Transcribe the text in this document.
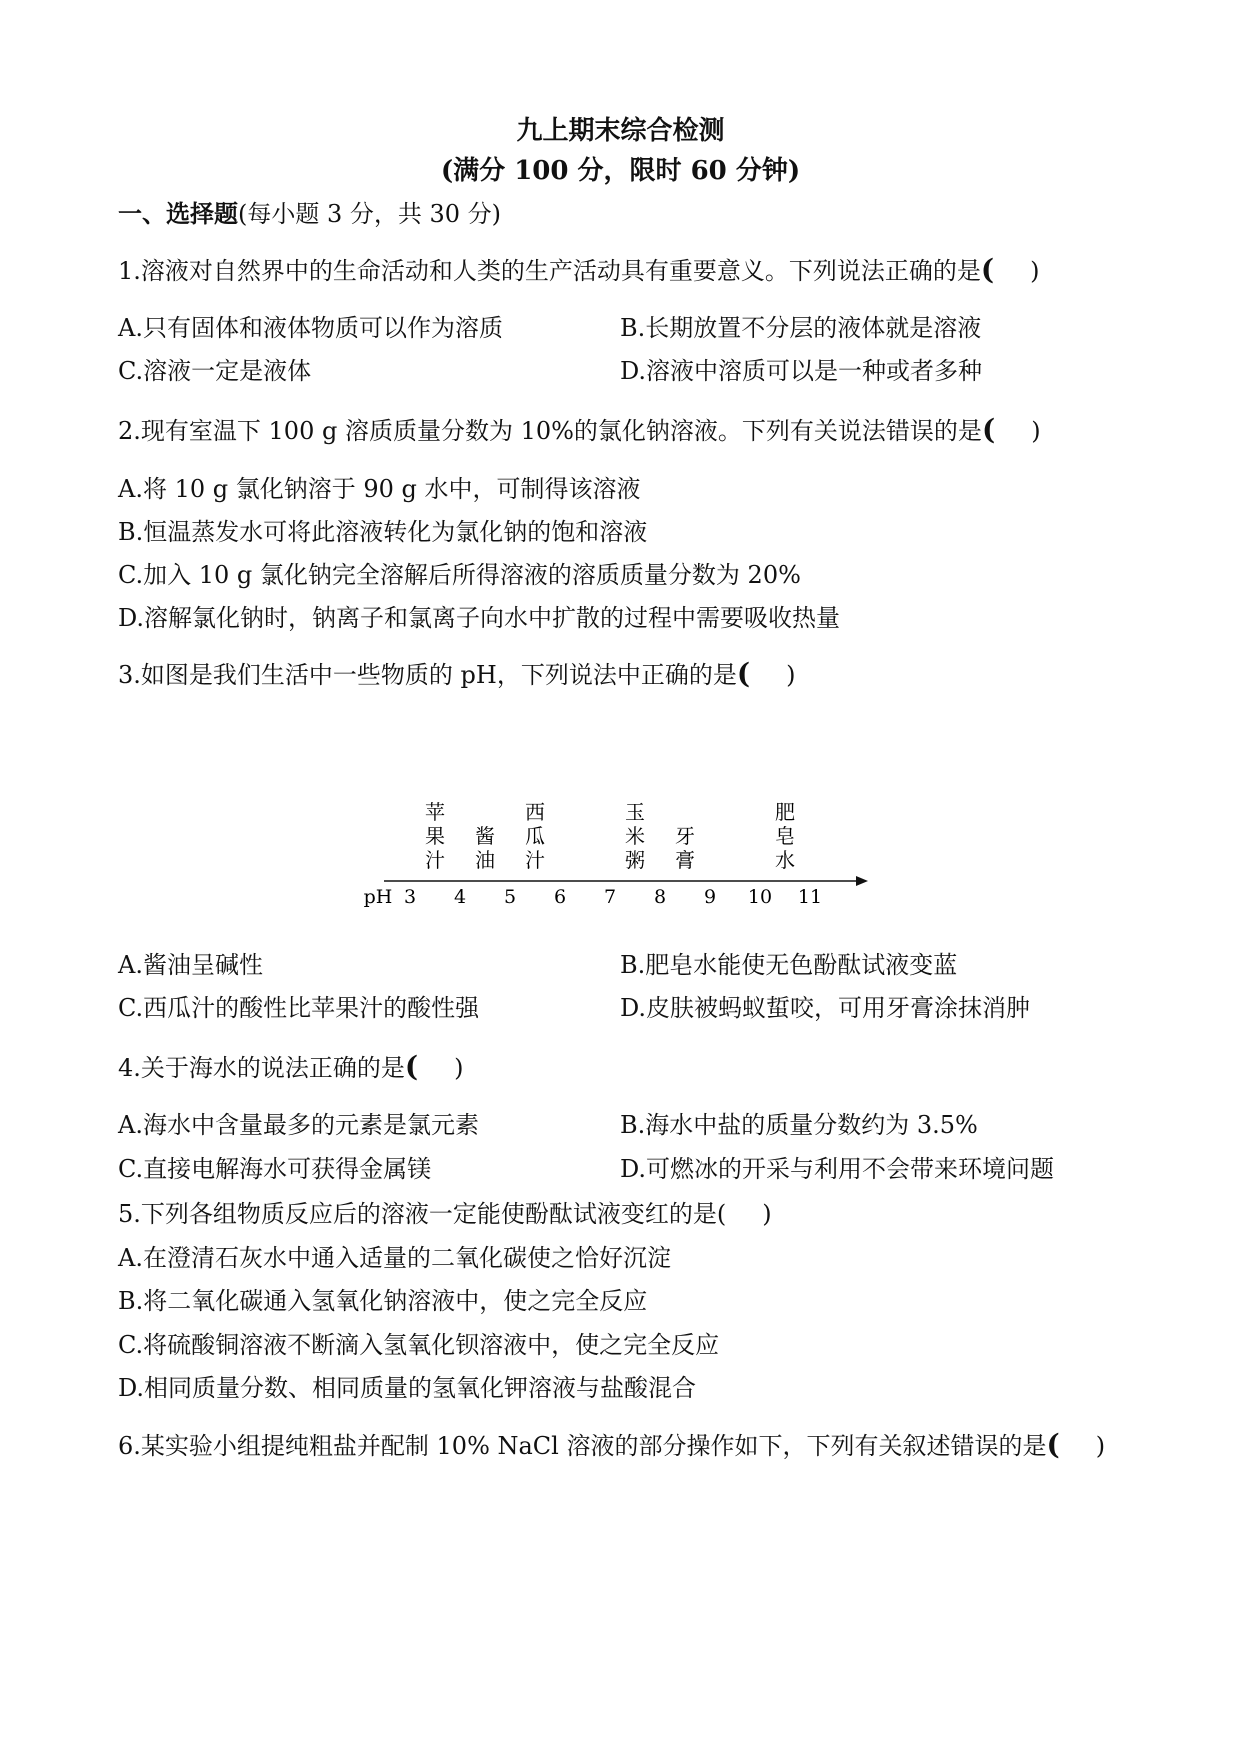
九上期末综合检测
(满分 100 分，限时 60 分钟)
一、选择题(每小题 3 分，共 30 分)
1.溶液对自然界中的生命活动和人类的生产活动具有重要意义。下列说法正确的是( )
A.只有固体和液体物质可以作为溶质	B.长期放置不分层的液体就是溶液
C.溶液一定是液体	D.溶液中溶质可以是一种或者多种
2.现有室温下 100 g 溶质质量分数为 10%的氯化钠溶液。下列有关说法错误的是( )
A.将 10 g 氯化钠溶于 90 g 水中，可制得该溶液
B.恒温蒸发水可将此溶液转化为氯化钠的饱和溶液
C.加入 10 g 氯化钠完全溶解后所得溶液的溶质质量分数为 20%
D.溶解氯化钠时，钠离子和氯离子向水中扩散的过程中需要吸收热量
3.如图是我们生活中一些物质的 pH，下列说法中正确的是( )
苹
果
汁
酱
油
西
瓜
汁
玉
米
粥
牙
膏
肥
皂
水
3 4 5 6 7 8 9 10 11
pH
A.酱油呈碱性	B.肥皂水能使无色酚酞试液变蓝
C.西瓜汁的酸性比苹果汁的酸性强	D.皮肤被蚂蚁蜇咬，可用牙膏涂抹消肿
4.关于海水的说法正确的是( )
A.海水中含量最多的元素是氯元素	B.海水中盐的质量分数约为 3.5%
C.直接电解海水可获得金属镁	D.可燃冰的开采与利用不会带来环境问题
5.下列各组物质反应后的溶液一定能使酚酞试液变红的是( )
A.在澄清石灰水中通入适量的二氧化碳使之恰好沉淀
B.将二氧化碳通入氢氧化钠溶液中，使之完全反应
C.将硫酸铜溶液不断滴入氢氧化钡溶液中，使之完全反应
D.相同质量分数、相同质量的氢氧化钾溶液与盐酸混合
6.某实验小组提纯粗盐并配制 10% NaCl 溶液的部分操作如下，下列有关叙述错误的是( )
